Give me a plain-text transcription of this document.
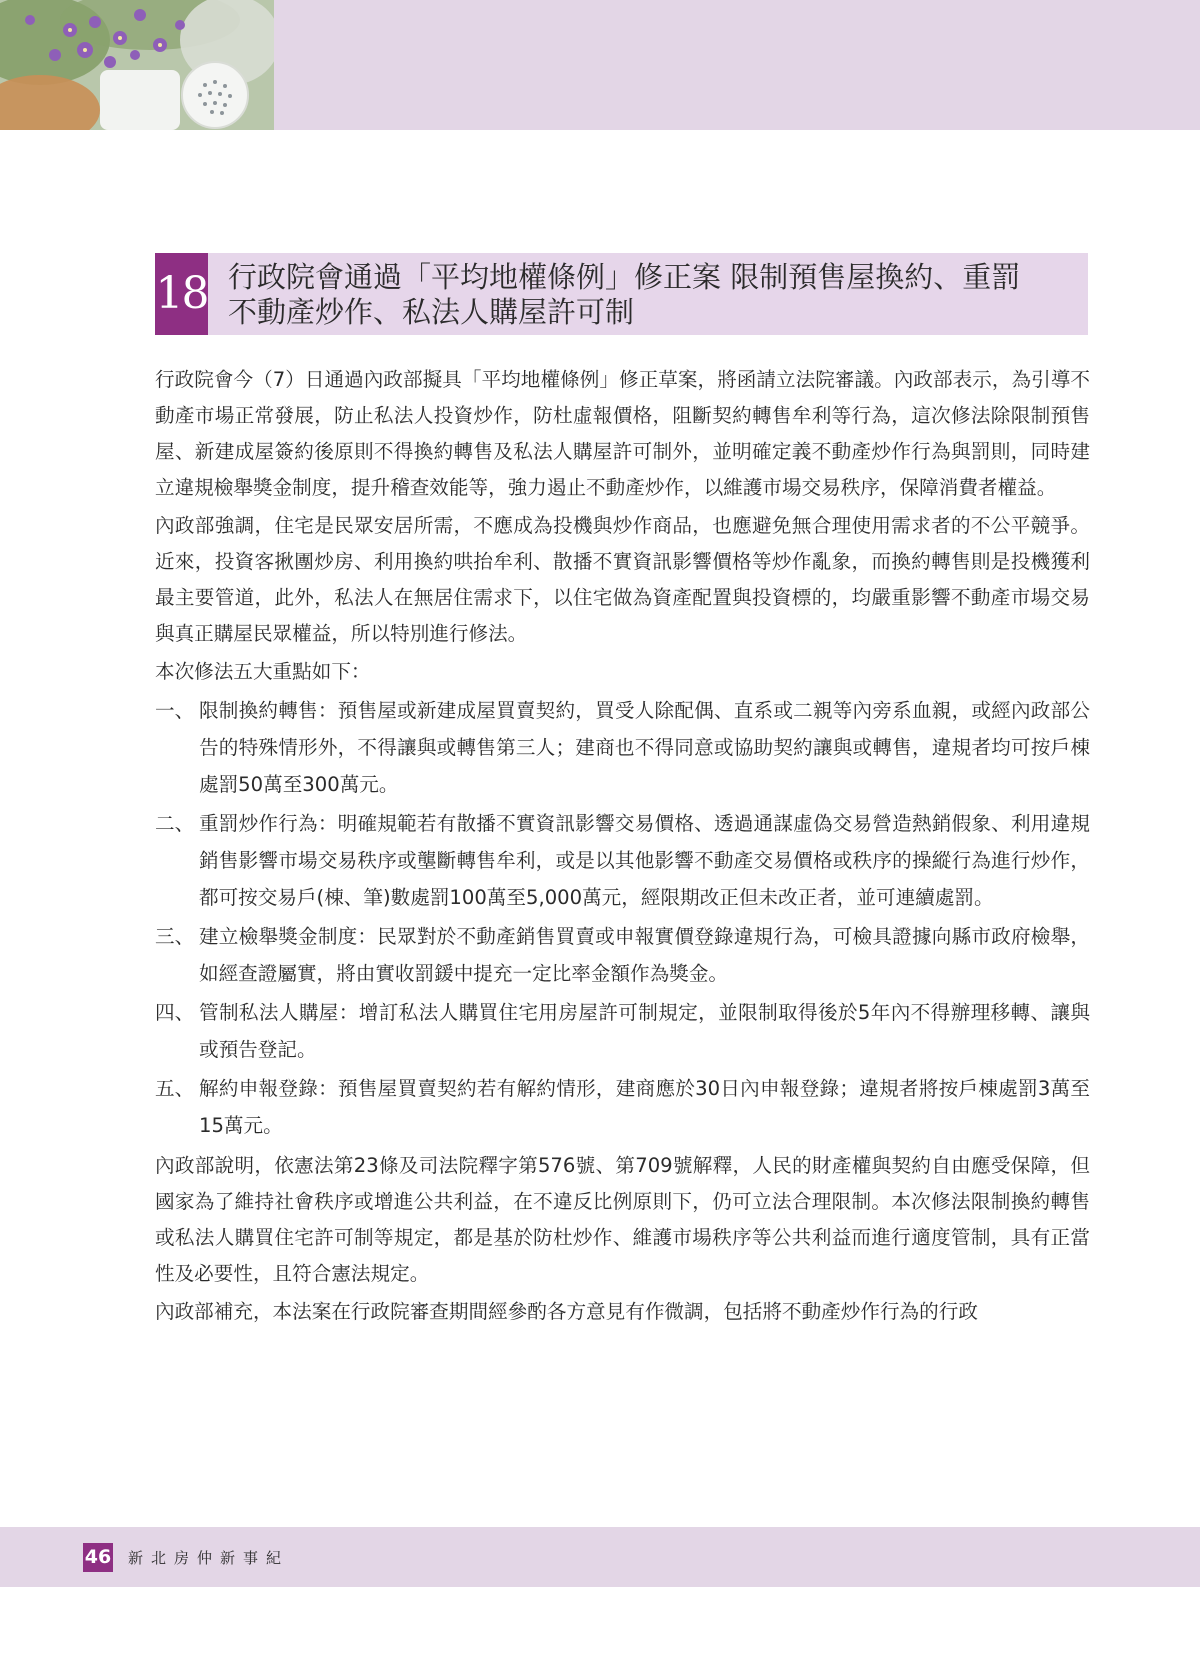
18 行政院會通過「平均地權條例」修正案 限制預售屋換約、重罰
不動產炒作、私法人購屋許可制

行政院會今（7）日通過內政部擬具「平均地權條例」修正草案，將函請立法院審議。內政部表示，為引導不動產市場正常發展，防止私法人投資炒作，防杜虛報價格，阻斷契約轉售牟利等行為，這次修法除限制預售屋、新建成屋簽約後原則不得換約轉售及私法人購屋許可制外，並明確定義不動產炒作行為與罰則，同時建立違規檢舉獎金制度，提升稽查效能等，強力遏止不動產炒作，以維護市場交易秩序，保障消費者權益。

內政部強調，住宅是民眾安居所需，不應成為投機與炒作商品，也應避免無合理使用需求者的不公平競爭。近來，投資客揪團炒房、利用換約哄抬牟利、散播不實資訊影響價格等炒作亂象，而換約轉售則是投機獲利最主要管道，此外，私法人在無居住需求下，以住宅做為資產配置與投資標的，均嚴重影響不動產市場交易與真正購屋民眾權益，所以特別進行修法。

本次修法五大重點如下：

一、 限制換約轉售：預售屋或新建成屋買賣契約，買受人除配偶、直系或二親等內旁系血親，或經內政部公告的特殊情形外，不得讓與或轉售第三人；建商也不得同意或協助契約讓與或轉售，違規者均可按戶棟處罰50萬至300萬元。
二、 重罰炒作行為：明確規範若有散播不實資訊影響交易價格、透過通謀虛偽交易營造熱銷假象、利用違規銷售影響市場交易秩序或壟斷轉售牟利，或是以其他影響不動產交易價格或秩序的操縱行為進行炒作，都可按交易戶(棟、筆)數處罰100萬至5,000萬元，經限期改正但未改正者，並可連續處罰。
三、 建立檢舉獎金制度：民眾對於不動產銷售買賣或申報實價登錄違規行為，可檢具證據向縣市政府檢舉，如經查證屬實，將由實收罰鍰中提充一定比率金額作為獎金。
四、 管制私法人購屋：增訂私法人購買住宅用房屋許可制規定，並限制取得後於5年內不得辦理移轉、讓與或預告登記。
五、 解約申報登錄：預售屋買賣契約若有解約情形，建商應於30日內申報登錄；違規者將按戶棟處罰3萬至15萬元。

內政部說明，依憲法第23條及司法院釋字第576號、第709號解釋，人民的財產權與契約自由應受保障，但國家為了維持社會秩序或增進公共利益，在不違反比例原則下，仍可立法合理限制。本次修法限制換約轉售或私法人購買住宅許可制等規定，都是基於防杜炒作、維護市場秩序等公共利益而進行適度管制，具有正當性及必要性，且符合憲法規定。

內政部補充，本法案在行政院審查期間經參酌各方意見有作微調，包括將不動產炒作行為的行政

46 新北房仲新事紀
